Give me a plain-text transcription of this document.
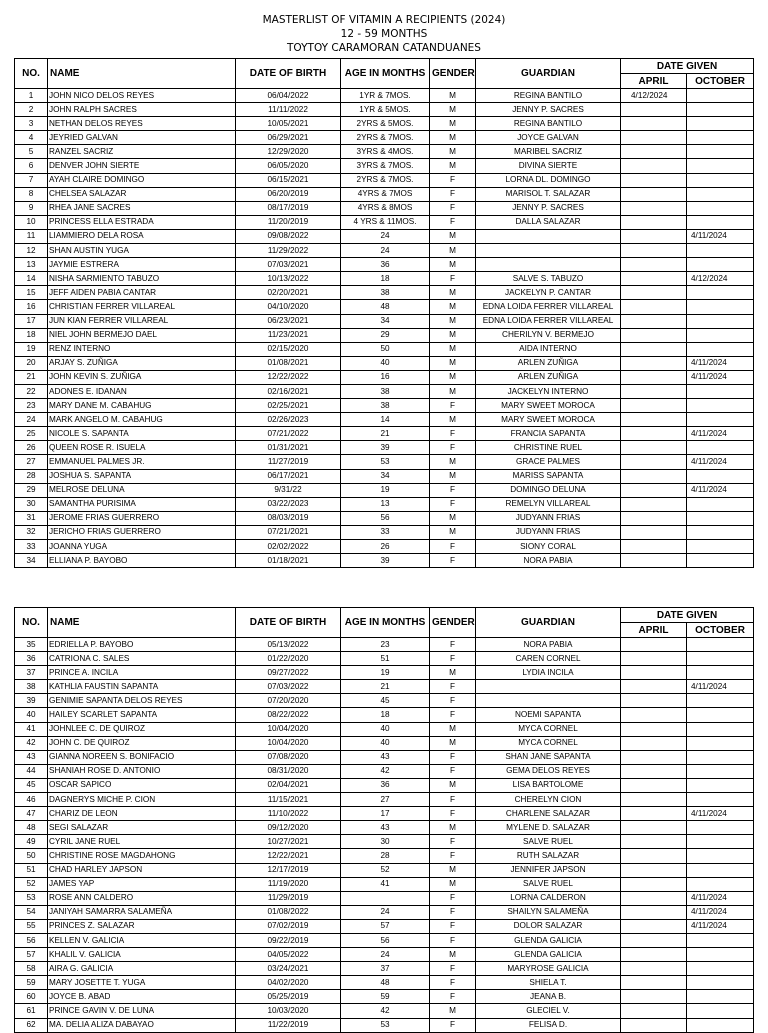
MASTERLIST OF VITAMIN A RECIPIENTS (2024)
12 - 59 MONTHS
TOYTOY CARAMORAN CATANDUANES
NO.	NAME	DATE OF BIRTH	AGE IN MONTHS	GENDER	GUARDIAN	DATE GIVEN	
						APRIL	OCTOBER
1	JOHN NICO DELOS REYES	06/04/2022	1YR & 7MOS.	M	REGINA BANTILO	4/12/2024	
2	JOHN RALPH SACRES	11/11/2022	1YR & 5MOS.	M	JENNY P. SACRES		
3	NETHAN DELOS REYES	10/05/2021	2YRS & 5MOS.	M	REGINA BANTILO		
4	JEYRIED GALVAN	06/29/2021	2YRS & 7MOS.	M	JOYCE GALVAN		
5	RANZEL SACRIZ	12/29/2020	3YRS & 4MOS.	M	MARIBEL SACRIZ		
6	DENVER JOHN SIERTE	06/05/2020	3YRS & 7MOS.	M	DIVINA SIERTE		
7	AYAH CLAIRE DOMINGO	06/15/2021	2YRS & 7MOS.	F	LORNA DL. DOMINGO		
8	CHELSEA SALAZAR	06/20/2019	4YRS & 7MOS	F	MARISOL T. SALAZAR		
9	RHEA JANE SACRES	08/17/2019	4YRS & 8MOS	F	JENNY P. SACRES		
10	PRINCESS ELLA ESTRADA	11/20/2019	4 YRS & 11MOS.	F	DALLA SALAZAR		
11	LIAMMIERO DELA ROSA	09/08/2022	24	M			4/11/2024
12	SHAN AUSTIN YUGA	11/29/2022	24	M			
13	JAYMIE ESTRERA	07/03/2021	36	M			
14	NISHA SARMIENTO TABUZO	10/13/2022	18	F	SALVE S. TABUZO		4/12/2024
15	JEFF AIDEN PABIA CANTAR	02/20/2021	38	M	JACKELYN P. CANTAR		
16	CHRISTIAN FERRER VILLAREAL	04/10/2020	48	M	EDNA LOIDA FERRER VILLAREAL		
17	JUN KIAN FERRER VILLAREAL	06/23/2021	34	M	EDNA LOIDA FERRER VILLAREAL		
18	NIEL JOHN BERMEJO DAEL	11/23/2021	29	M	CHERILYN V. BERMEJO		
19	RENZ INTERNO	02/15/2020	50	M	AIDA INTERNO		
20	ARJAY S. ZUÑIGA	01/08/2021	40	M	ARLEN ZUÑIGA		4/11/2024
21	JOHN KEVIN S. ZUÑIGA	12/22/2022	16	M	ARLEN ZUÑIGA		4/11/2024
22	ADONES E. IDANAN	02/16/2021	38	M	JACKELYN INTERNO		
23	MARY DANE M. CABAHUG	02/25/2021	38	F	MARY SWEET MOROCA		
24	MARK ANGELO M. CABAHUG	02/26/2023	14	M	MARY SWEET MOROCA		
25	NICOLE S. SAPANTA	07/21/2022	21	F	FRANCIA SAPANTA		4/11/2024
26	QUEEN ROSE R. ISUELA	01/31/2021	39	F	CHRISTINE RUEL		
27	EMMANUEL PALMES JR.	11/27/2019	53	M	GRACE PALMES		4/11/2024
28	JOSHUA S. SAPANTA	06/17/2021	34	M	MARISS SAPANTA		
29	MELROSE DELUNA	9/31/22	19	F	DOMINGO DELUNA		4/11/2024
30	SAMANTHA PURISIMA	03/22/2023	13	F	REMELYN VILLAREAL		
31	JEROME FRIAS GUERRERO	08/03/2019	56	M	JUDYANN FRIAS		
32	JERICHO FRIAS GUERRERO	07/21/2021	33	M	JUDYANN FRIAS		
33	JOANNA YUGA	02/02/2022	26	F	SIONY CORAL		
34	ELLIANA P. BAYOBO	01/18/2021	39	F	NORA PABIA		
NO.	NAME	DATE OF BIRTH	AGE IN MONTHS	GENDER	GUARDIAN	DATE GIVEN	
						APRIL	OCTOBER
35	EDRIELLA P. BAYOBO	05/13/2022	23	F	NORA PABIA		
36	CATRIONA C. SALES	01/22/2020	51	F	CAREN CORNEL		
37	PRINCE A. INCILA	09/27/2022	19	M	LYDIA INCILA		
38	KATHLIA FAUSTIN SAPANTA	07/03/2022	21	F			4/11/2024
39	GENIMIE SAPANTA DELOS REYES	07/20/2020	45	F			
40	HAILEY SCARLET SAPANTA	08/22/2022	18	F	NOEMI SAPANTA		
41	JOHNLEE C. DE QUIROZ	10/04/2020	40	M	MYCA CORNEL		
42	JOHN C. DE QUIROZ	10/04/2020	40	M	MYCA CORNEL		
43	GIANNA NOREEN S. BONIFACIO	07/08/2020	43	F	SHAN JANE SAPANTA		
44	SHANIAH ROSE D. ANTONIO	08/31/2020	42	F	GEMA DELOS REYES		
45	OSCAR SAPICO	02/04/2021	36	M	LISA BARTOLOME		
46	DAGNERYS MICHE P. CION	11/15/2021	27	F	CHERELYN CION		
47	CHARIZ DE LEON	11/10/2022	17	F	CHARLENE SALAZAR		4/11/2024
48	SEGI SALAZAR	09/12/2020	43	M	MYLENE D. SALAZAR		
49	CYRIL JANE RUEL	10/27/2021	30	F	SALVE RUEL		
50	CHRISTINE ROSE MAGDAHONG	12/22/2021	28	F	RUTH SALAZAR		
51	CHAD HARLEY JAPSON	12/17/2019	52	M	JENNIFER JAPSON		
52	JAMES YAP	11/19/2020	41	M	SALVE RUEL		
53	ROSE ANN CALDERO	11/29/2019		F	LORNA CALDERON		4/11/2024
54	JANIYAH SAMARRA SALAMEÑA	01/08/2022	24	F	SHAILYN SALAMEÑA		4/11/2024
55	PRINCES Z. SALAZAR	07/02/2019	57	F	DOLOR SALAZAR		4/11/2024
56	KELLEN V. GALICIA	09/22/2019	56	F	GLENDA GALICIA		
57	KHALIL V. GALICIA	04/05/2022	24	M	GLENDA GALICIA		
58	AIRA G. GALICIA	03/24/2021	37	F	MARYROSE GALICIA		
59	MARY JOSETTE T. YUGA	04/02/2020	48	F	SHIELA T.		
60	JOYCE B. ABAD	05/25/2019	59	F	JEANA B.		
61	PRINCE GAVIN V. DE LUNA	10/03/2020	42	M	GLECIEL V.		
62	MA. DELIA ALIZA DABAYAO	11/22/2019	53	F	FELISA D.		
